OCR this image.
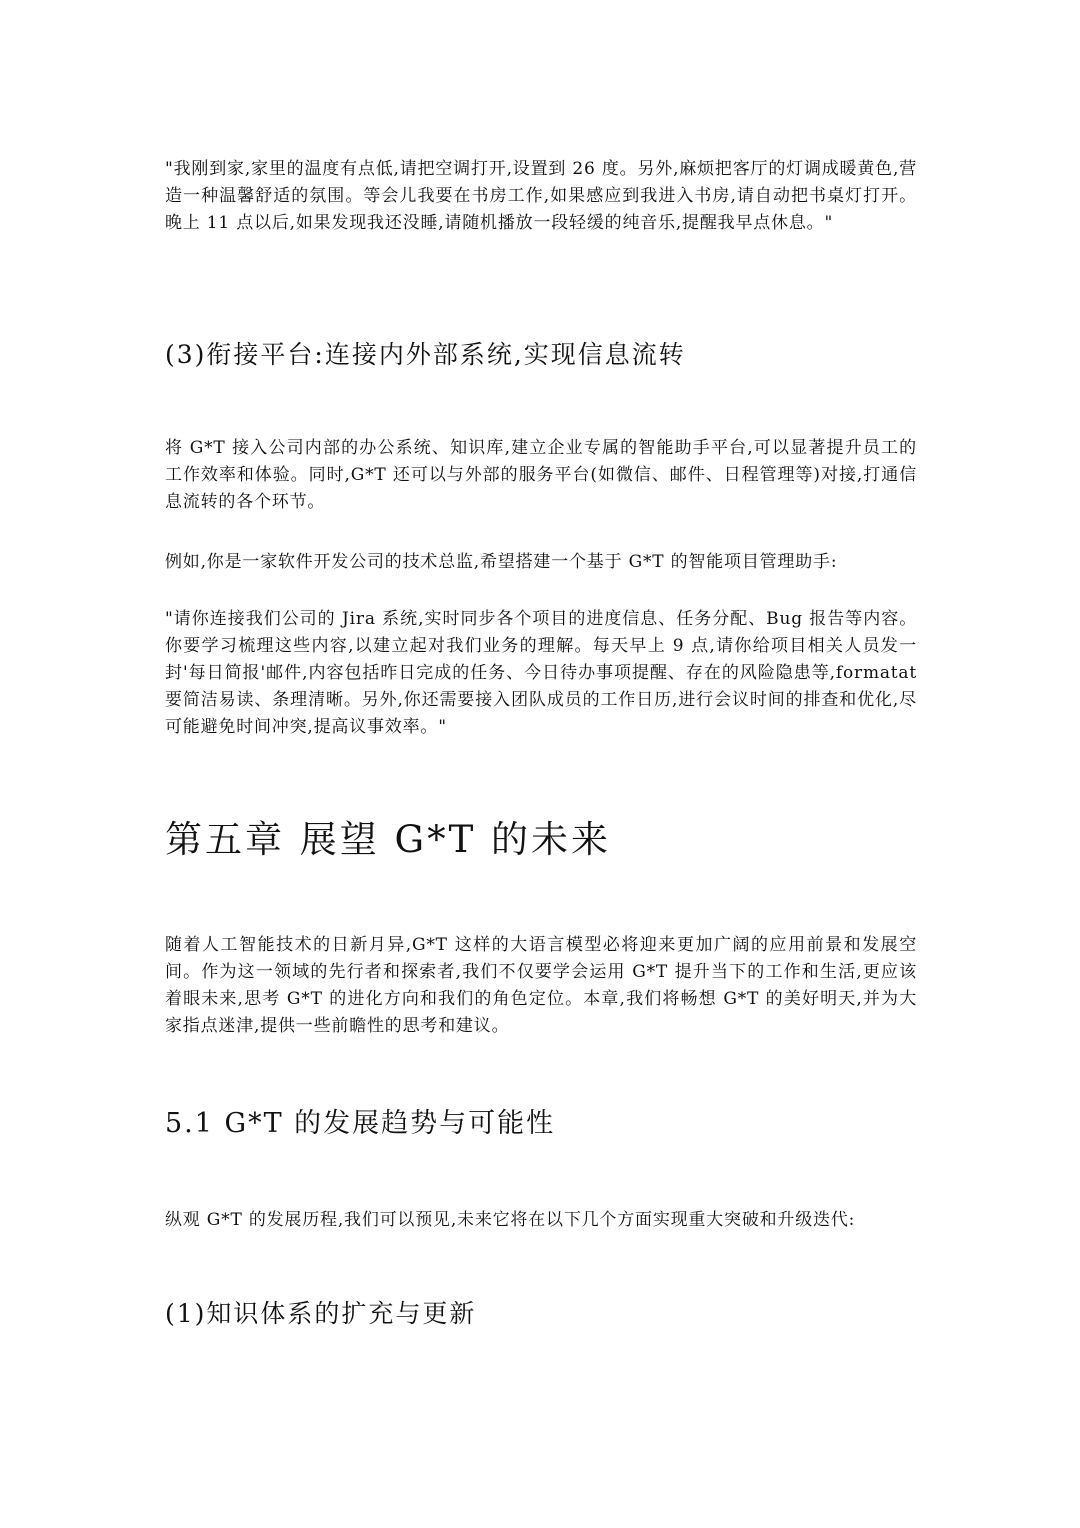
"我刚到家,家里的温度有点低,请把空调打开,设置到 26 度。另外,麻烦把客厅的灯调成暖黄色,营造一种温馨舒适的氛围。等会儿我要在书房工作,如果感应到我进入书房,请自动把书桌灯打开。晚上 11 点以后,如果发现我还没睡,请随机播放一段轻缓的纯音乐,提醒我早点休息。"

(3)衔接平台:连接内外部系统,实现信息流转

将 G*T 接入公司内部的办公系统、知识库,建立企业专属的智能助手平台,可以显著提升员工的工作效率和体验。同时,G*T 还可以与外部的服务平台(如微信、邮件、日程管理等)对接,打通信息流转的各个环节。

例如,你是一家软件开发公司的技术总监,希望搭建一个基于 G*T 的智能项目管理助手:

"请你连接我们公司的 Jira 系统,实时同步各个项目的进度信息、任务分配、Bug 报告等内容。你要学习梳理这些内容,以建立起对我们业务的理解。每天早上 9 点,请你给项目相关人员发一封'每日简报'邮件,内容包括昨日完成的任务、今日待办事项提醒、存在的风险隐患等,formatat 要简洁易读、条理清晰。另外,你还需要接入团队成员的工作日历,进行会议时间的排查和优化,尽可能避免时间冲突,提高议事效率。"

第五章 展望 G*T 的未来

随着人工智能技术的日新月异,G*T 这样的大语言模型必将迎来更加广阔的应用前景和发展空间。作为这一领域的先行者和探索者,我们不仅要学会运用 G*T 提升当下的工作和生活,更应该着眼未来,思考 G*T 的进化方向和我们的角色定位。本章,我们将畅想 G*T 的美好明天,并为大家指点迷津,提供一些前瞻性的思考和建议。

5.1 G*T 的发展趋势与可能性

纵观 G*T 的发展历程,我们可以预见,未来它将在以下几个方面实现重大突破和升级迭代:

(1)知识体系的扩充与更新
